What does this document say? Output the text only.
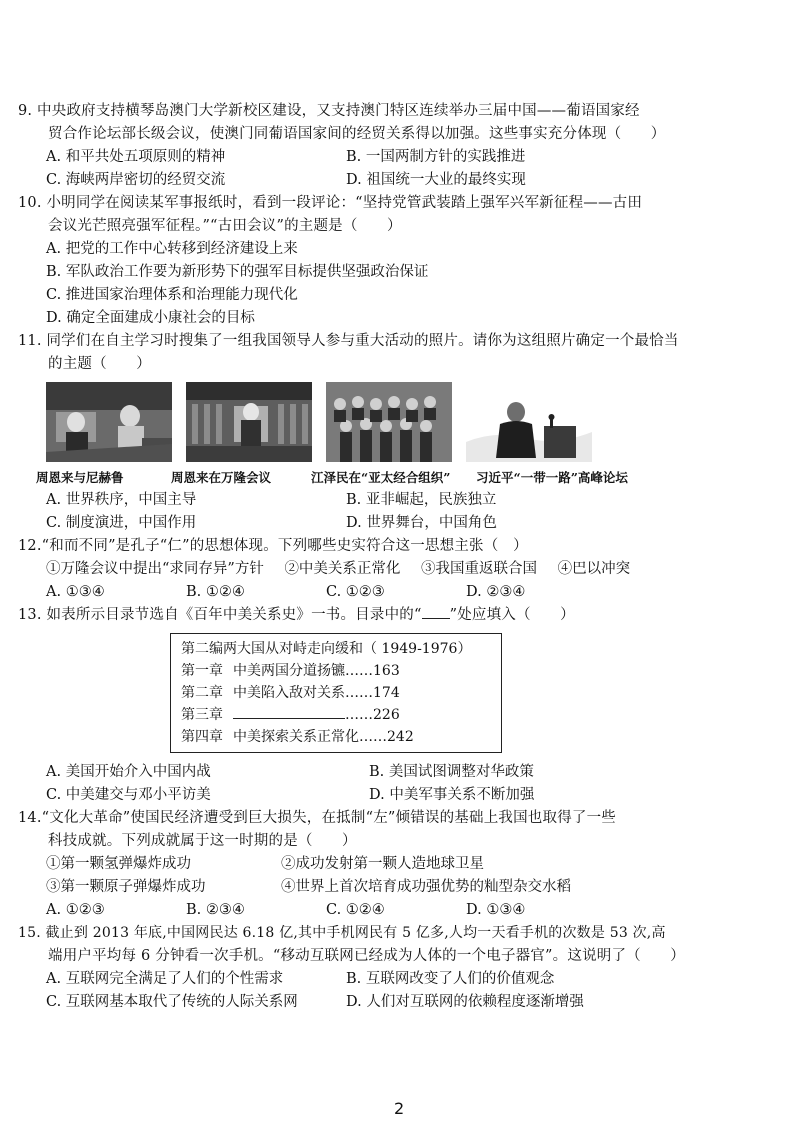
9. 中央政府支持横琴岛澳门大学新校区建设，又支持澳门特区连续举办三届中国——葡语国家经
贸合作论坛部长级会议，使澳门同葡语国家间的经贸关系得以加强。这些事实充分体现（　　）
A. 和平共处五项原则的精神	B. 一国两制方针的实践推进
C. 海峡两岸密切的经贸交流	D. 祖国统一大业的最终实现
10. 小明同学在阅读某军事报纸时，看到一段评论：“坚持党管武装踏上强军兴军新征程——古田
会议光芒照亮强军征程。”“古田会议”的主题是（　　）
A. 把党的工作中心转移到经济建设上来
B. 军队政治工作要为新形势下的强军目标提供坚强政治保证
C. 推进国家治理体系和治理能力现代化
D. 确定全面建成小康社会的目标
11. 同学们在自主学习时搜集了一组我国领导人参与重大活动的照片。请你为这组照片确定一个最恰当
的主题（　　）
周恩来与尼赫鲁	周恩来在万隆会议	江泽民在“亚太经合组织”	习近平“一带一路”高峰论坛
A. 世界秩序，中国主导	B. 亚非崛起，民族独立
C. 制度演进，中国作用	D. 世界舞台，中国角色
12.“和而不同”是孔子“仁”的思想体现。下列哪些史实符合这一思想主张（　）
①万隆会议中提出“求同存异”方针 ②中美关系正常化 ③我国重返联合国 ④巴以冲突
A. ①③④	B. ①②④	C. ①②③	D. ②③④
13. 如表所示目录节选自《百年中美关系史》一书。目录中的“ ”处应填入（　　）
第二编两大国从对峙走向缓和（ 1949-1976）
第一章 中美两国分道扬镳……163
第二章 中美陷入敌对关系……174
第三章	……226
第四章 中美探索关系正常化……242
A. 美国开始介入中国内战	B. 美国试图调整对华政策
C. 中美建交与邓小平访美	D. 中美军事关系不断加强
14.“文化大革命”使国民经济遭受到巨大损失，在抵制“左”倾错误的基础上我国也取得了一些
科技成就。下列成就属于这一时期的是（　　）
①第一颗氢弹爆炸成功	②成功发射第一颗人造地球卫星
③第一颗原子弹爆炸成功	④世界上首次培育成功强优势的籼型杂交水稻
A. ①②③	B. ②③④	C. ①②④	D. ①③④
15. 截止到 2013 年底,中国网民达 6.18 亿,其中手机网民有 5 亿多,人均一天看手机的次数是 53 次,高
端用户平均每 6 分钟看一次手机。“移动互联网已经成为人体的一个电子器官”。这说明了（　　）
A. 互联网完全满足了人们的个性需求	B. 互联网改变了人们的价值观念
C. 互联网基本取代了传统的人际关系网	D. 人们对互联网的依赖程度逐渐增强
2
